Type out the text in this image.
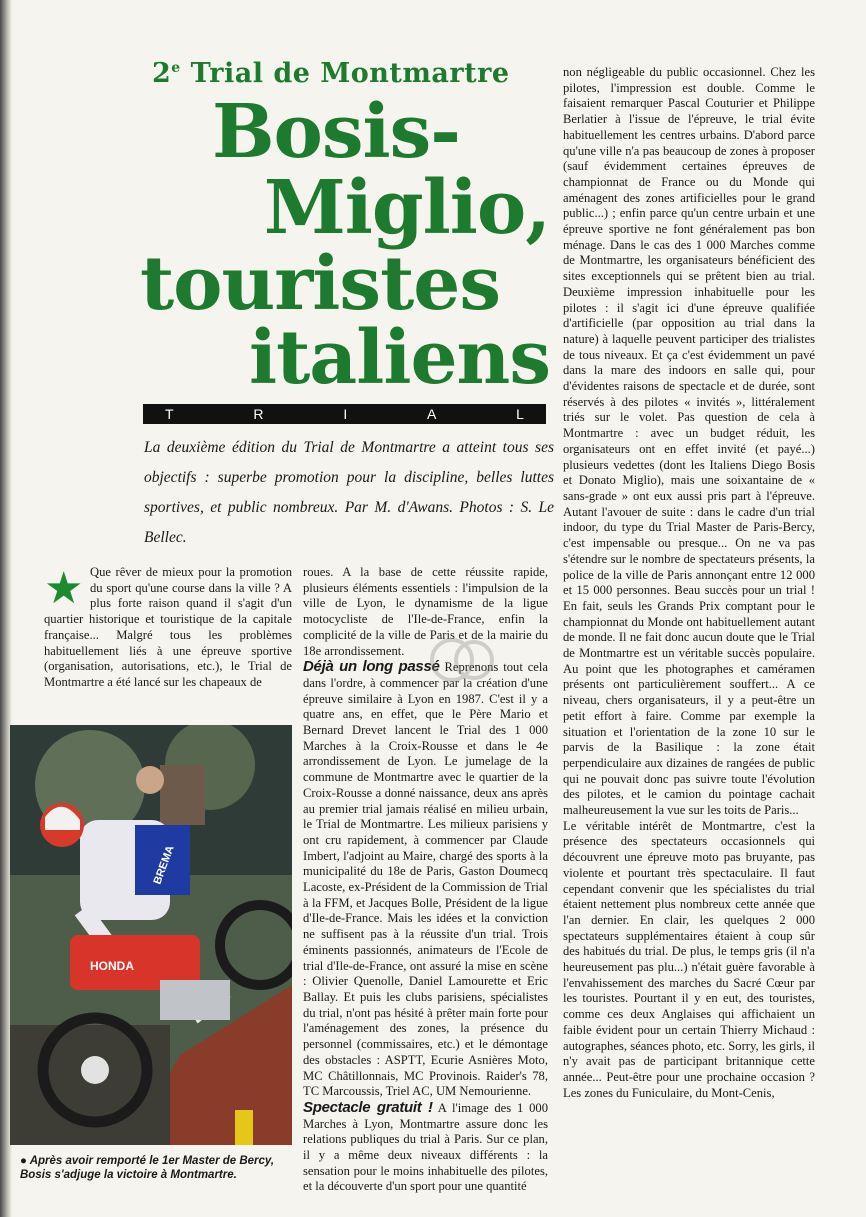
2e Trial de Montmartre
Bosis-
Miglio,
touristes
italiens
T	R	I	A	L
La deuxième édition du Trial de Montmartre a atteint tous ses objectifs : superbe promotion pour la discipline, belles luttes sportives, et public nombreux. Par M. d'Awans. Photos : S. Le Bellec.
★ Que rêver de mieux pour la promotion du sport qu'une course dans la ville ? A plus forte raison quand il s'agit d'un quartier historique et touristique de la capitale française... Malgré tous les problèmes habituellement liés à une épreuve sportive (organisation, autorisations, etc.), le Trial de Montmartre a été lancé sur les chapeaux de

roues. A la base de cette réussite rapide, plusieurs éléments essentiels : l'impulsion de la ville de Lyon, le dynamisme de la ligue motocycliste de l'Ile-de-France, enfin la complicité de la ville de Paris et de la mairie du 18e arrondissement.
Déjà un long passé Reprenons tout cela dans l'ordre, à commencer par la création d'une épreuve similaire à Lyon en 1987. C'est il y a quatre ans, en effet, que le Père Mario et Bernard Drevet lancent le Trial des 1 000 Marches à la Croix-Rousse et dans le 4e arrondissement de Lyon. Le jumelage de la commune de Montmartre avec le quartier de la Croix-Rousse a donné naissance, deux ans après au premier trial jamais réalisé en milieu urbain, le Trial de Montmartre. Les milieux parisiens y ont cru rapidement, à commencer par Claude Imbert, l'adjoint au Maire, chargé des sports à la municipalité du 18e de Paris, Gaston Doumecq Lacoste, ex-Président de la Commission de Trial à la FFM, et Jacques Bolle, Président de la ligue d'Ile-de-France. Mais les idées et la conviction ne suffisent pas à la réussite d'un trial. Trois éminents passionnés, animateurs de l'Ecole de trial d'Ile-de-France, ont assuré la mise en scène : Olivier Quenolle, Daniel Lamourette et Eric Ballay. Et puis les clubs parisiens, spécialistes du trial, n'ont pas hésité à prêter main forte pour l'aménagement des zones, la présence du personnel (commissaires, etc.) et le démontage des obstacles : ASPTT, Ecurie Asnières Moto, MC Châtillonnais, MC Provinois. Raider's 78, TC Marcoussis, Triel AC, UM Nemourienne.
Spectacle gratuit ! A l'image des 1 000 Marches à Lyon, Montmartre assure donc les relations publiques du trial à Paris. Sur ce plan, il y a même deux niveaux différents : la sensation pour le moins inhabituelle des pilotes, et la découverte d'un sport pour une quantité

non négligeable du public occasionnel. Chez les pilotes, l'impression est double. Comme le faisaient remarquer Pascal Couturier et Philippe Berlatier à l'issue de l'épreuve, le trial évite habituellement les centres urbains. D'abord parce qu'une ville n'a pas beaucoup de zones à proposer (sauf évidemment certaines épreuves de championnat de France ou du Monde qui aménagent des zones artificielles pour le grand public...) ; enfin parce qu'un centre urbain et une épreuve sportive ne font généralement pas bon ménage. Dans le cas des 1 000 Marches comme de Montmartre, les organisateurs bénéficient des sites exceptionnels qui se prêtent bien au trial. Deuxième impression inhabituelle pour les pilotes : il s'agit ici d'une épreuve qualifiée d'artificielle (par opposition au trial dans la nature) à laquelle peuvent participer des trialistes de tous niveaux. Et ça c'est évidemment un pavé dans la mare des indoors en salle qui, pour d'évidentes raisons de spectacle et de durée, sont réservés à des pilotes « invités », littéralement triés sur le volet. Pas question de cela à Montmartre : avec un budget réduit, les organisateurs ont en effet invité (et payé...) plusieurs vedettes (dont les Italiens Diego Bosis et Donato Miglio), mais une soixantaine de « sans-grade » ont eux aussi pris part à l'épreuve. Autant l'avouer de suite : dans le cadre d'un trial indoor, du type du Trial Master de Paris-Bercy, c'est impensable ou presque... On ne va pas s'étendre sur le nombre de spectateurs présents, la police de la ville de Paris annonçant entre 12 000 et 15 000 personnes. Beau succès pour un trial ! En fait, seuls les Grands Prix comptant pour le championnat du Monde ont habituellement autant de monde. Il ne fait donc aucun doute que le Trial de Montmartre est un véritable succès populaire. Au point que les photographes et caméramen présents ont particulièrement souffert... A ce niveau, chers organisateurs, il y a peut-être un petit effort à faire. Comme par exemple la situation et l'orientation de la zone 10 sur le parvis de la Basilique : la zone était perpendiculaire aux dizaines de rangées de public qui ne pouvait donc pas suivre toute l'évolution des pilotes, et le camion du pointage cachait malheureusement la vue sur les toits de Paris...

Le véritable intérêt de Montmartre, c'est la présence des spectateurs occasionnels qui découvrent une épreuve moto pas bruyante, pas violente et pourtant très spectaculaire. Il faut cependant convenir que les spécialistes du trial étaient nettement plus nombreux cette année que l'an dernier. En clair, les quelques 2 000 spectateurs supplémentaires étaient à coup sûr des habitués du trial. De plus, le temps gris (il n'a heureusement pas plu...) n'était guère favorable à l'envahissement des marches du Sacré Cœur par les touristes. Pourtant il y en eut, des touristes, comme ces deux Anglaises qui affichaient un faible évident pour un certain Thierry Michaud : autographes, séances photo, etc. Sorry, les girls, il n'y avait pas de participant britannique cette année... Peut-être pour une prochaine occasion ? Les zones du Funiculaire, du Mont-Cenis,

BREMA
HONDA
● Après avoir remporté le 1er Master de Bercy, Bosis s'adjuge la victoire à Montmartre.
